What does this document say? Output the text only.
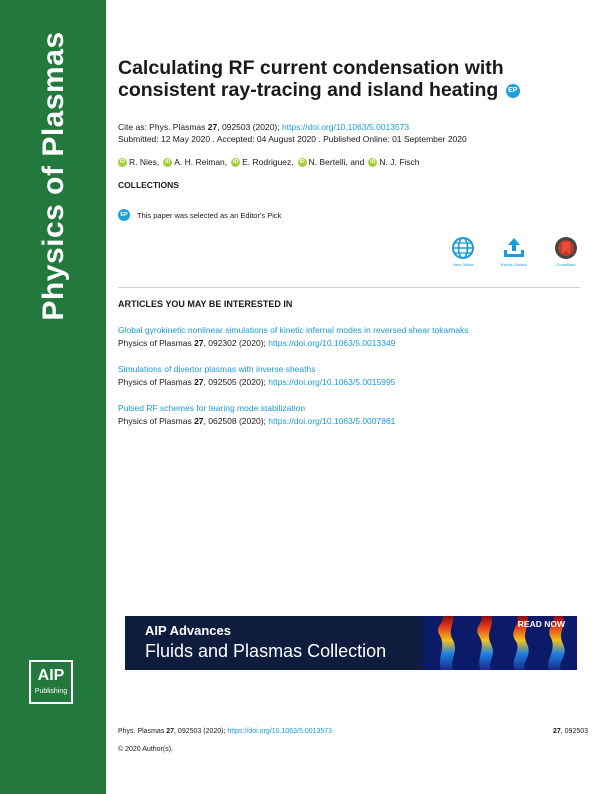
Physics of Plasmas
AIP
Publishing
Calculating RF current condensation with consistent ray-tracing and island heating EP
Cite as: Phys. Plasmas 27, 092503 (2020); https://doi.org/10.1063/5.0013573
Submitted: 12 May 2020 . Accepted: 04 August 2020 . Published Online: 01 September 2020
iD R. Nies,	iD A. H. Reiman,	iD E. Rodriguez,	iD N. Bertelli, and	iD N. J. Fisch
COLLECTIONS
EP	This paper was selected as an Editor's Pick
View Online	Export Citation	CrossMark
ARTICLES YOU MAY BE INTERESTED IN
Global gyrokinetic nonlinear simulations of kinetic infernal modes in reversed shear tokamaks
Physics of Plasmas 27, 092302 (2020); https://doi.org/10.1063/5.0013349
Simulations of divertor plasmas with inverse sheaths
Physics of Plasmas 27, 092505 (2020); https://doi.org/10.1063/5.0015995
Pulsed RF schemes for tearing mode stabilization
Physics of Plasmas 27, 062508 (2020); https://doi.org/10.1063/5.0007861
AIP Advances
Fluids and Plasmas Collection
READ NOW
Phys. Plasmas 27, 092503 (2020); https://doi.org/10.1063/5.0013573	27, 092503
© 2020 Author(s).
